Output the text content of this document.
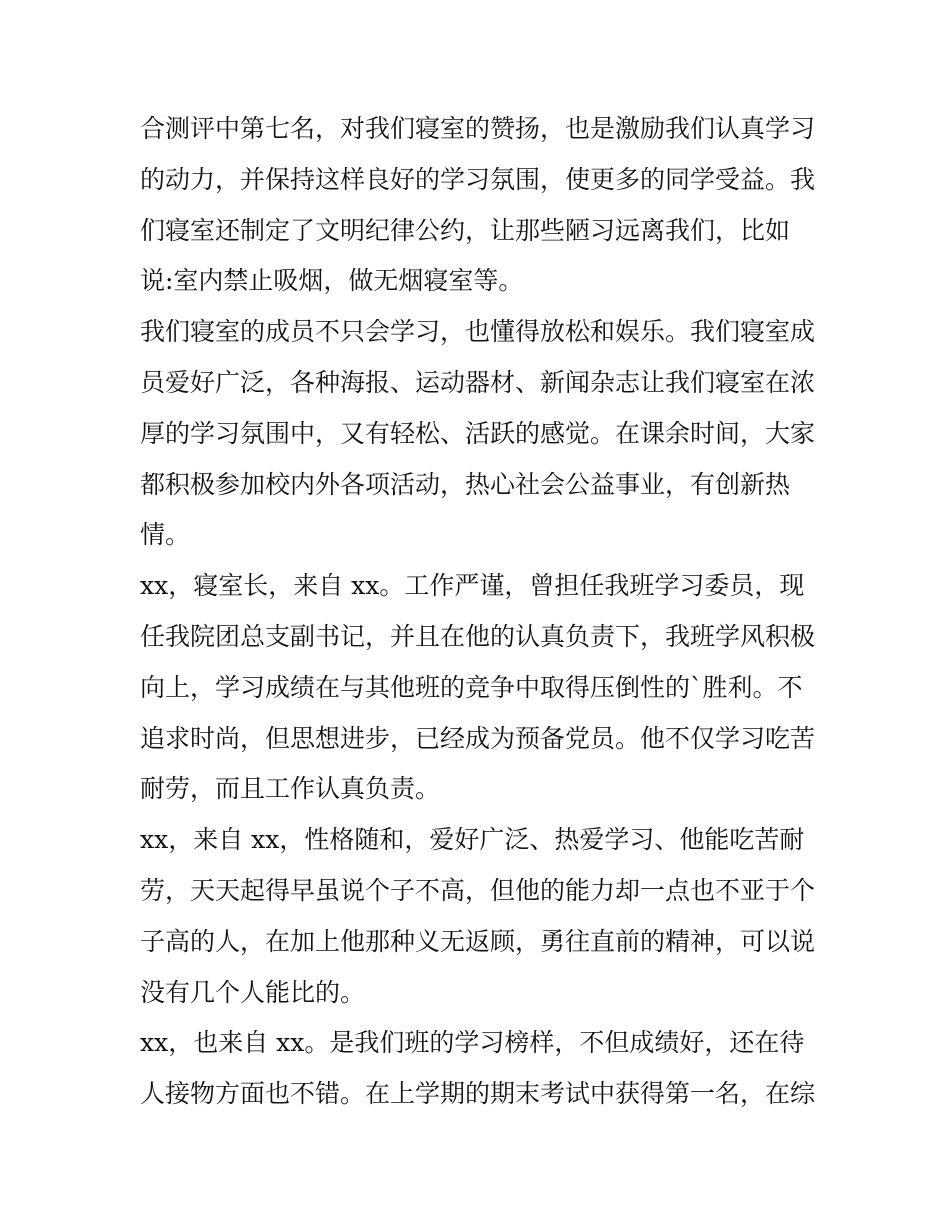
合测评中第七名，对我们寝室的赞扬，也是激励我们认真学习
的动力，并保持这样良好的学习氛围，使更多的同学受益。我
们寝室还制定了文明纪律公约，让那些陋习远离我们，比如
说:室内禁止吸烟，做无烟寝室等。
我们寝室的成员不只会学习，也懂得放松和娱乐。我们寝室成
员爱好广泛，各种海报、运动器材、新闻杂志让我们寝室在浓
厚的学习氛围中，又有轻松、活跃的感觉。在课余时间，大家
都积极参加校内外各项活动，热心社会公益事业，有创新热
情。
xx，寝室长，来自 xx。工作严谨，曾担任我班学习委员，现
任我院团总支副书记，并且在他的认真负责下，我班学风积极
向上，学习成绩在与其他班的竞争中取得压倒性的`胜利。不
追求时尚，但思想进步，已经成为预备党员。他不仅学习吃苦
耐劳，而且工作认真负责。
xx，来自 xx，性格随和，爱好广泛、热爱学习、他能吃苦耐
劳，天天起得早虽说个子不高，但他的能力却一点也不亚于个
子高的人，在加上他那种义无返顾，勇往直前的精神，可以说
没有几个人能比的。
xx，也来自 xx。是我们班的学习榜样，不但成绩好，还在待
人接物方面也不错。在上学期的期末考试中获得第一名，在综
